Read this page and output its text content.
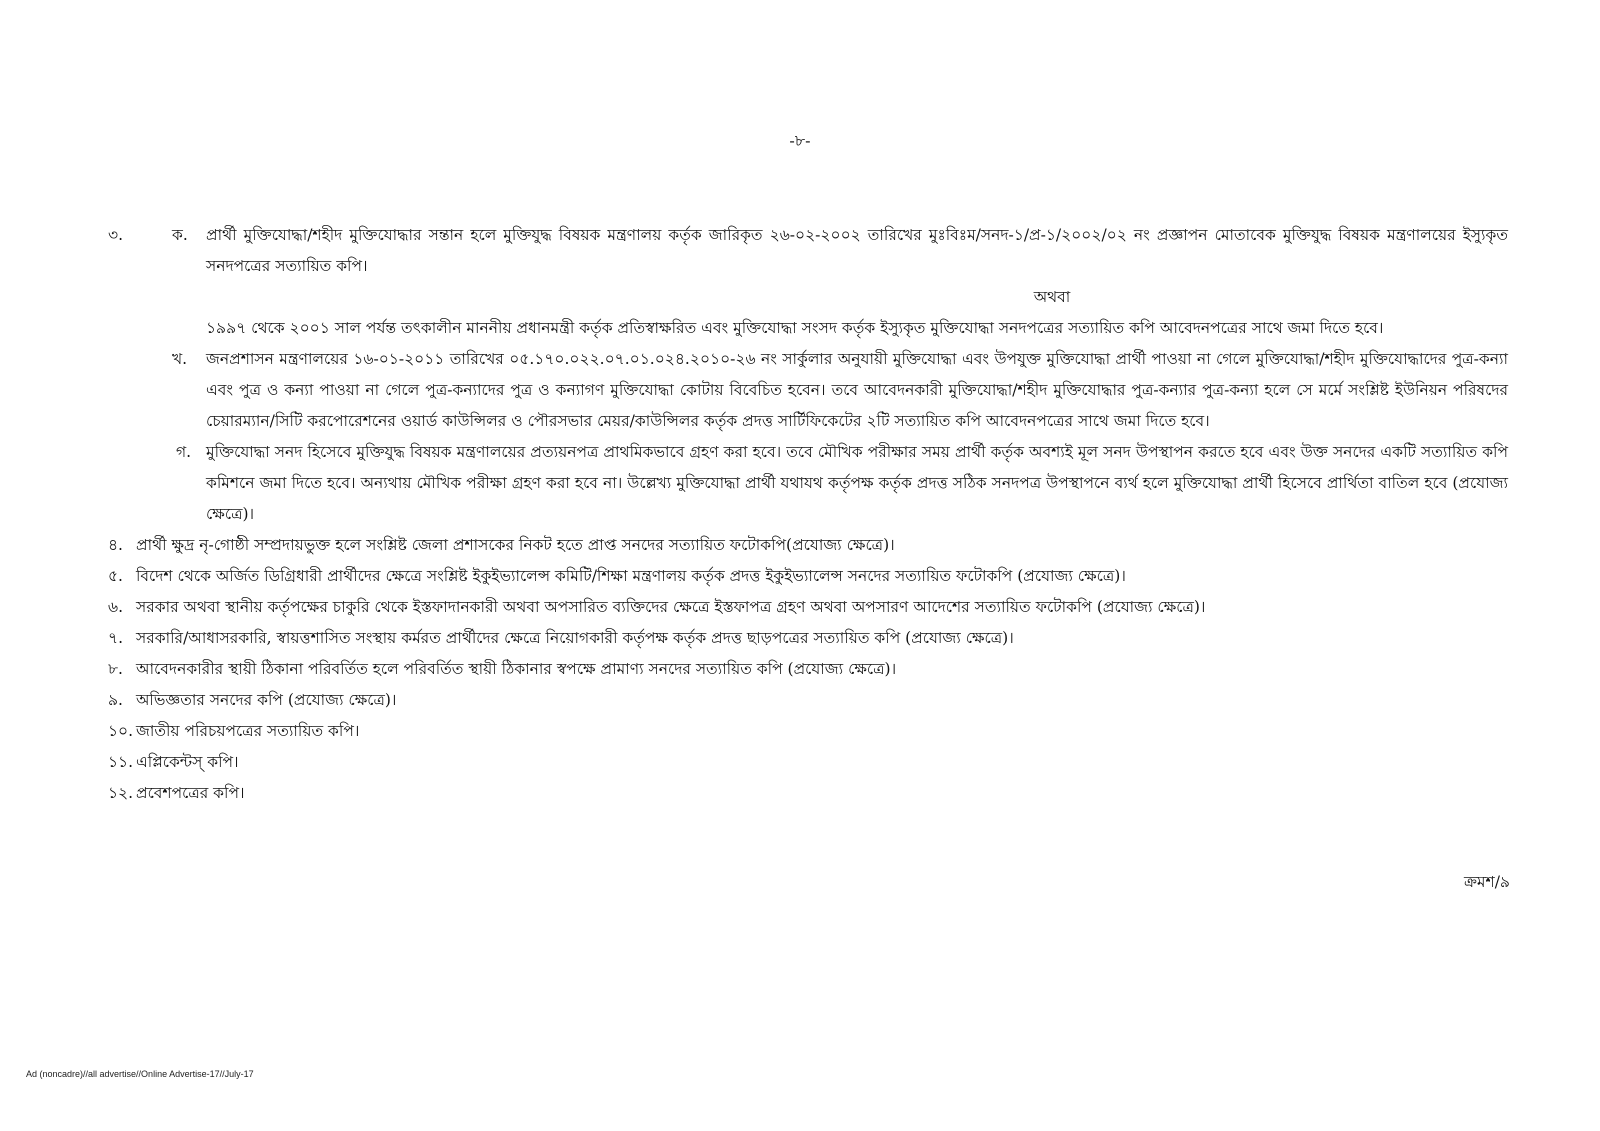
-৮-
৩.	ক. প্রার্থী মুক্তিযোদ্ধা/শহীদ মুক্তিযোদ্ধার সন্তান হলে মুক্তিযুদ্ধ বিষয়ক মন্ত্রণালয় কর্তৃক জারিকৃত ২৬-০২-২০০২ তারিখের মুঃবিঃম/সনদ-১/প্র-১/২০০২/০২ নং প্রজ্ঞাপন মোতাবেক মুক্তিযুদ্ধ বিষয়ক মন্ত্রণালয়ের ইস্যুকৃত সনদপত্রের সত্যায়িত কপি।

অথবা

১৯৯৭ থেকে ২০০১ সাল পর্যন্ত তৎকালীন মাননীয় প্রধানমন্ত্রী কর্তৃক প্রতিস্বাক্ষরিত এবং মুক্তিযোদ্ধা সংসদ কর্তৃক ইস্যুকৃত মুক্তিযোদ্ধা সনদপত্রের সত্যায়িত কপি আবেদনপত্রের সাথে জমা দিতে হবে।

খ. জনপ্রশাসন মন্ত্রণালয়ের ১৬-০১-২০১১ তারিখের ০৫.১৭০.০২২.০৭.০১.০২৪.২০১০-২৬ নং সার্কুলার অনুযায়ী মুক্তিযোদ্ধা এবং উপযুক্ত মুক্তিযোদ্ধা প্রার্থী পাওয়া না গেলে মুক্তিযোদ্ধা/শহীদ মুক্তিযোদ্ধাদের পুত্র-কন্যা এবং পুত্র ও কন্যা পাওয়া না গেলে পুত্র-কন্যাদের পুত্র ও কন্যাগণ মুক্তিযোদ্ধা কোটায় বিবেচিত হবেন। তবে আবেদনকারী মুক্তিযোদ্ধা/শহীদ মুক্তিযোদ্ধার পুত্র-কন্যার পুত্র-কন্যা হলে সে মর্মে সংশ্লিষ্ট ইউনিয়ন পরিষদের চেয়ারম্যান/সিটি করপোরেশনের ওয়ার্ড কাউন্সিলর ও পৌরসভার মেয়র/কাউন্সিলর কর্তৃক প্রদত্ত সার্টিফিকেটের ২টি সত্যায়িত কপি আবেদনপত্রের সাথে জমা দিতে হবে।

গ. মুক্তিযোদ্ধা সনদ হিসেবে মুক্তিযুদ্ধ বিষয়ক মন্ত্রণালয়ের প্রত্যয়নপত্র প্রাথমিকভাবে গ্রহণ করা হবে। তবে মৌখিক পরীক্ষার সময় প্রার্থী কর্তৃক অবশ্যই মূল সনদ উপস্থাপন করতে হবে এবং উক্ত সনদের একটি সত্যায়িত কপি কমিশনে জমা দিতে হবে। অন্যথায় মৌখিক পরীক্ষা গ্রহণ করা হবে না। উল্লেখ্য মুক্তিযোদ্ধা প্রার্থী যথাযথ কর্তৃপক্ষ কর্তৃক প্রদত্ত সঠিক সনদপত্র উপস্থাপনে ব্যর্থ হলে মুক্তিযোদ্ধা প্রার্থী হিসেবে প্রার্থিতা বাতিল হবে (প্রযোজ্য ক্ষেত্রে)।

৪. প্রার্থী ক্ষুদ্র নৃ-গোষ্ঠী সম্প্রদায়ভুক্ত হলে সংশ্লিষ্ট জেলা প্রশাসকের নিকট হতে প্রাপ্ত সনদের সত্যায়িত ফটোকপি(প্রযোজ্য ক্ষেত্রে)।
৫. বিদেশ থেকে অর্জিত ডিগ্রিধারী প্রার্থীদের ক্ষেত্রে সংশ্লিষ্ট ইকুইভ্যালেন্স কমিটি/শিক্ষা মন্ত্রণালয় কর্তৃক প্রদত্ত ইকুইভ্যালেন্স সনদের সত্যায়িত ফটোকপি (প্রযোজ্য ক্ষেত্রে)।
৬. সরকার অথবা স্থানীয় কর্তৃপক্ষের চাকুরি থেকে ইস্তফাদানকারী অথবা অপসারিত ব্যক্তিদের ক্ষেত্রে ইস্তফাপত্র গ্রহণ অথবা অপসারণ আদেশের সত্যায়িত ফটোকপি (প্রযোজ্য ক্ষেত্রে)।
৭. সরকারি/আধাসরকারি, স্বায়ত্তশাসিত সংস্থায় কর্মরত প্রার্থীদের ক্ষেত্রে নিয়োগকারী কর্তৃপক্ষ কর্তৃক প্রদত্ত ছাড়পত্রের সত্যায়িত কপি (প্রযোজ্য ক্ষেত্রে)।
৮. আবেদনকারীর স্থায়ী ঠিকানা পরিবর্তিত হলে পরিবর্তিত স্থায়ী ঠিকানার স্বপক্ষে প্রামাণ্য সনদের সত্যায়িত কপি (প্রযোজ্য ক্ষেত্রে)।
৯. অভিজ্ঞতার সনদের কপি (প্রযোজ্য ক্ষেত্রে)।
১০. জাতীয় পরিচয়পত্রের সত্যায়িত কপি।
১১. এপ্লিকেন্টস্ কপি।
১২. প্রবেশপত্রের কপি।
ক্রমশ/৯
Ad (noncadre)//all advertise//Online Advertise-17//July-17
